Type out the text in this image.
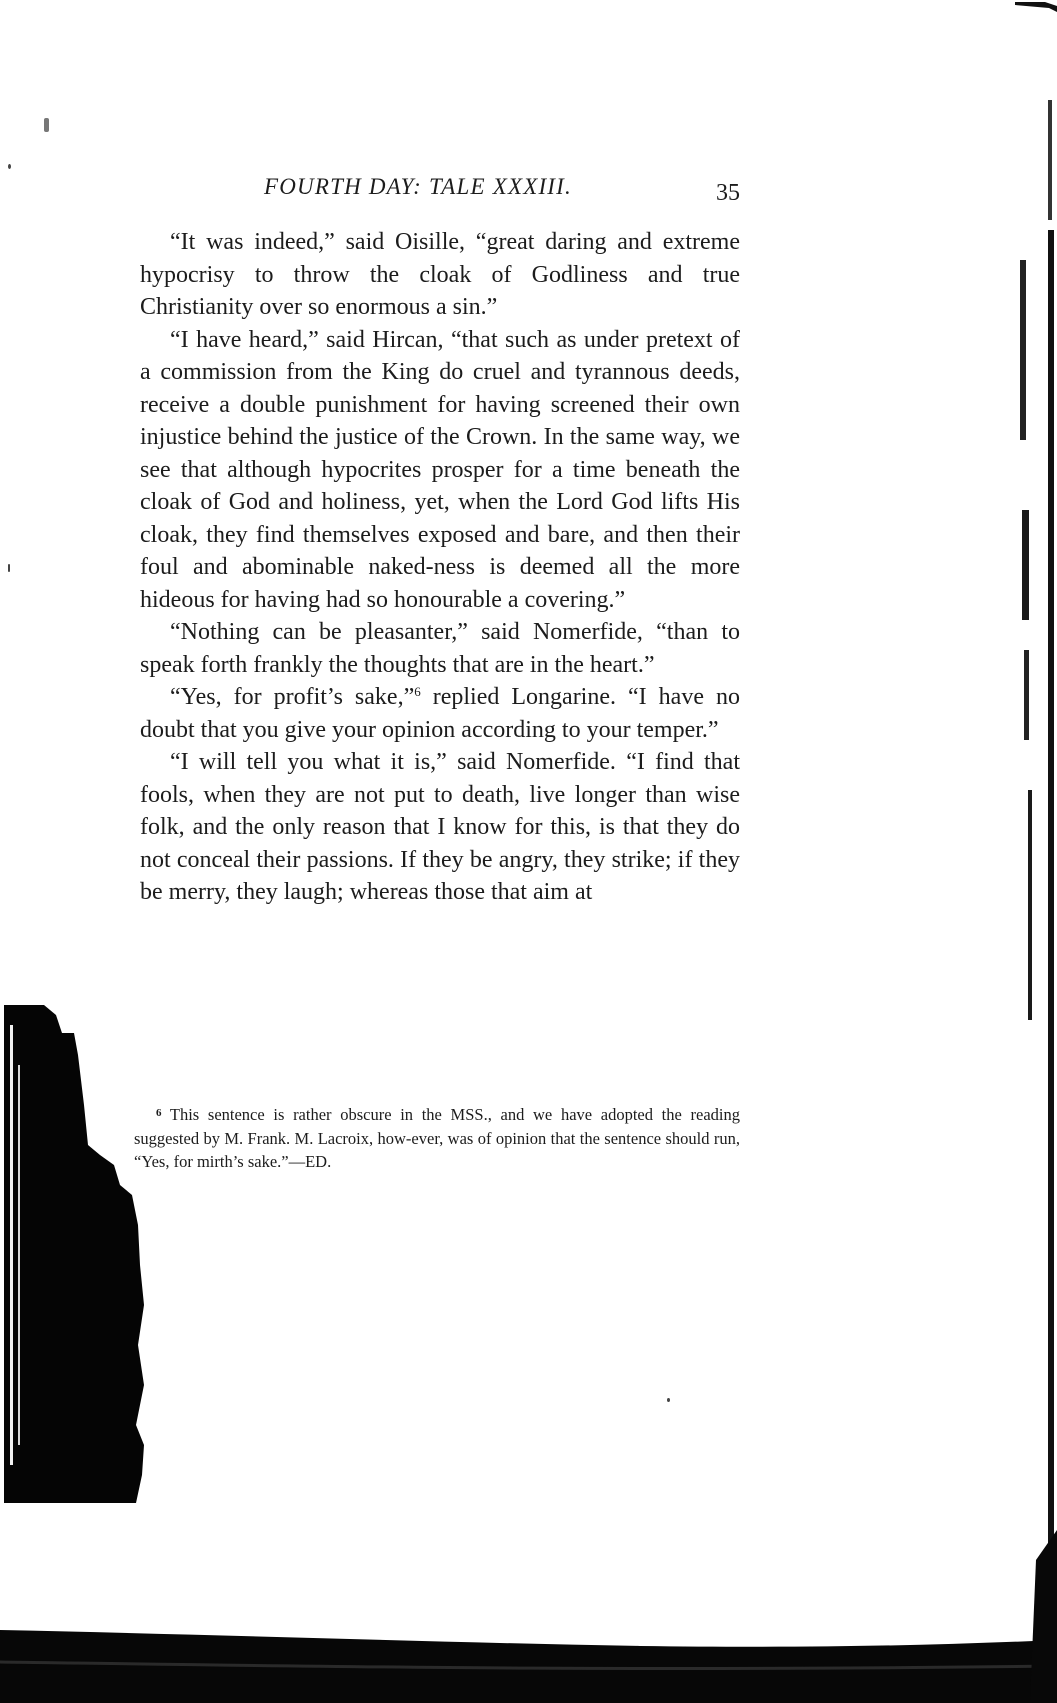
FOURTH DAY: TALE XXXIII.	35

“It was indeed,” said Oisille, “great daring and extreme hypocrisy to throw the cloak of Godliness and true Christianity over so enormous a sin.”

“I have heard,” said Hircan, “that such as under pretext of a commission from the King do cruel and tyrannous deeds, receive a double punishment for having screened their own injustice behind the justice of the Crown. In the same way, we see that although hypocrites prosper for a time beneath the cloak of God and holiness, yet, when the Lord God lifts His cloak, they find themselves exposed and bare, and then their foul and abominable naked-ness is deemed all the more hideous for having had so honourable a covering.”

“Nothing can be pleasanter,” said Nomerfide, “than to speak forth frankly the thoughts that are in the heart.”

“Yes, for profit’s sake,”$^6$ replied Longarine. “I have no doubt that you give your opinion according to your temper.”

“I will tell you what it is,” said Nomerfide. “I find that fools, when they are not put to death, live longer than wise folk, and the only reason that I know for this, is that they do not conceal their passions. If they be angry, they strike; if they be merry, they laugh; whereas those that aim at

$^6$ This sentence is rather obscure in the MSS., and we have adopted the reading suggested by M. Frank. M. Lacroix, how-ever, was of opinion that the sentence should run, “Yes, for mirth’s sake.”—ED.
